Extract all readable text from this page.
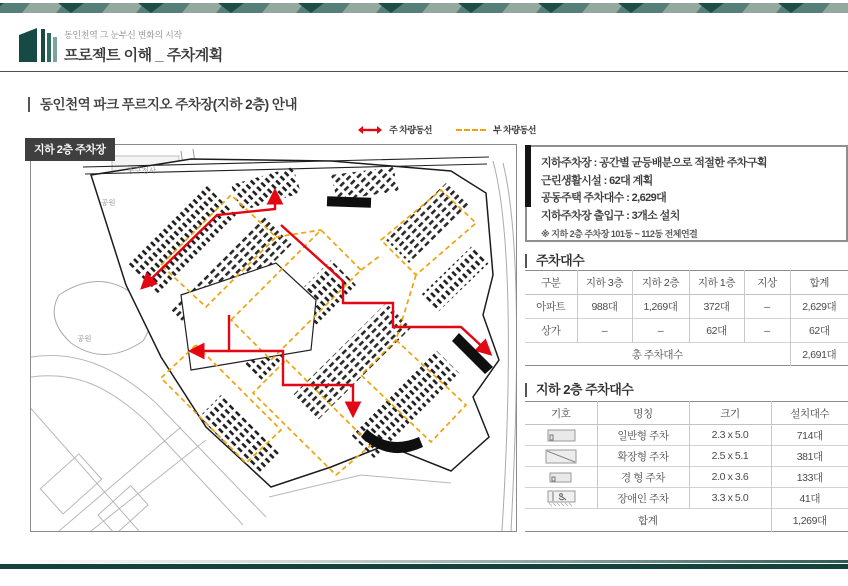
동인천역 그 눈부신 변화의 시작
프로젝트 이해 _ 주차계획
동인천역 파크 푸르지오 주차장(지하 2층) 안내
주 차량동선	부 차량동선
지하 2층 주차장
중구청사
공원
공원
지하주차장 : 공간별 균등배분으로 적절한 주차구획
근린생활시설 : 62대 계획
공동주택 주차대수 : 2,629대
지하주차장 출입구 : 3개소 설치
※ 지하 2층 주차장 101동 ~ 112동 전체연결
주차대수
구분	지하 3층	지하 2층	지하 1층	지상	합계
아파트	988대	1,269대	372대	–	2,629대
상가	–	–	62대	–	62대
총 주차대수					2,691대
지하 2층 주차대수
기호	명칭	크기	설치대수
	일반형 주차	2.3 x 5.0	714대
	확장형 주차	2.5 x 5.1	381대
	경 형 주차	2.0 x 3.6	133대
	장애인 주차	3.3 x 5.0	41대
합계			1,269대
